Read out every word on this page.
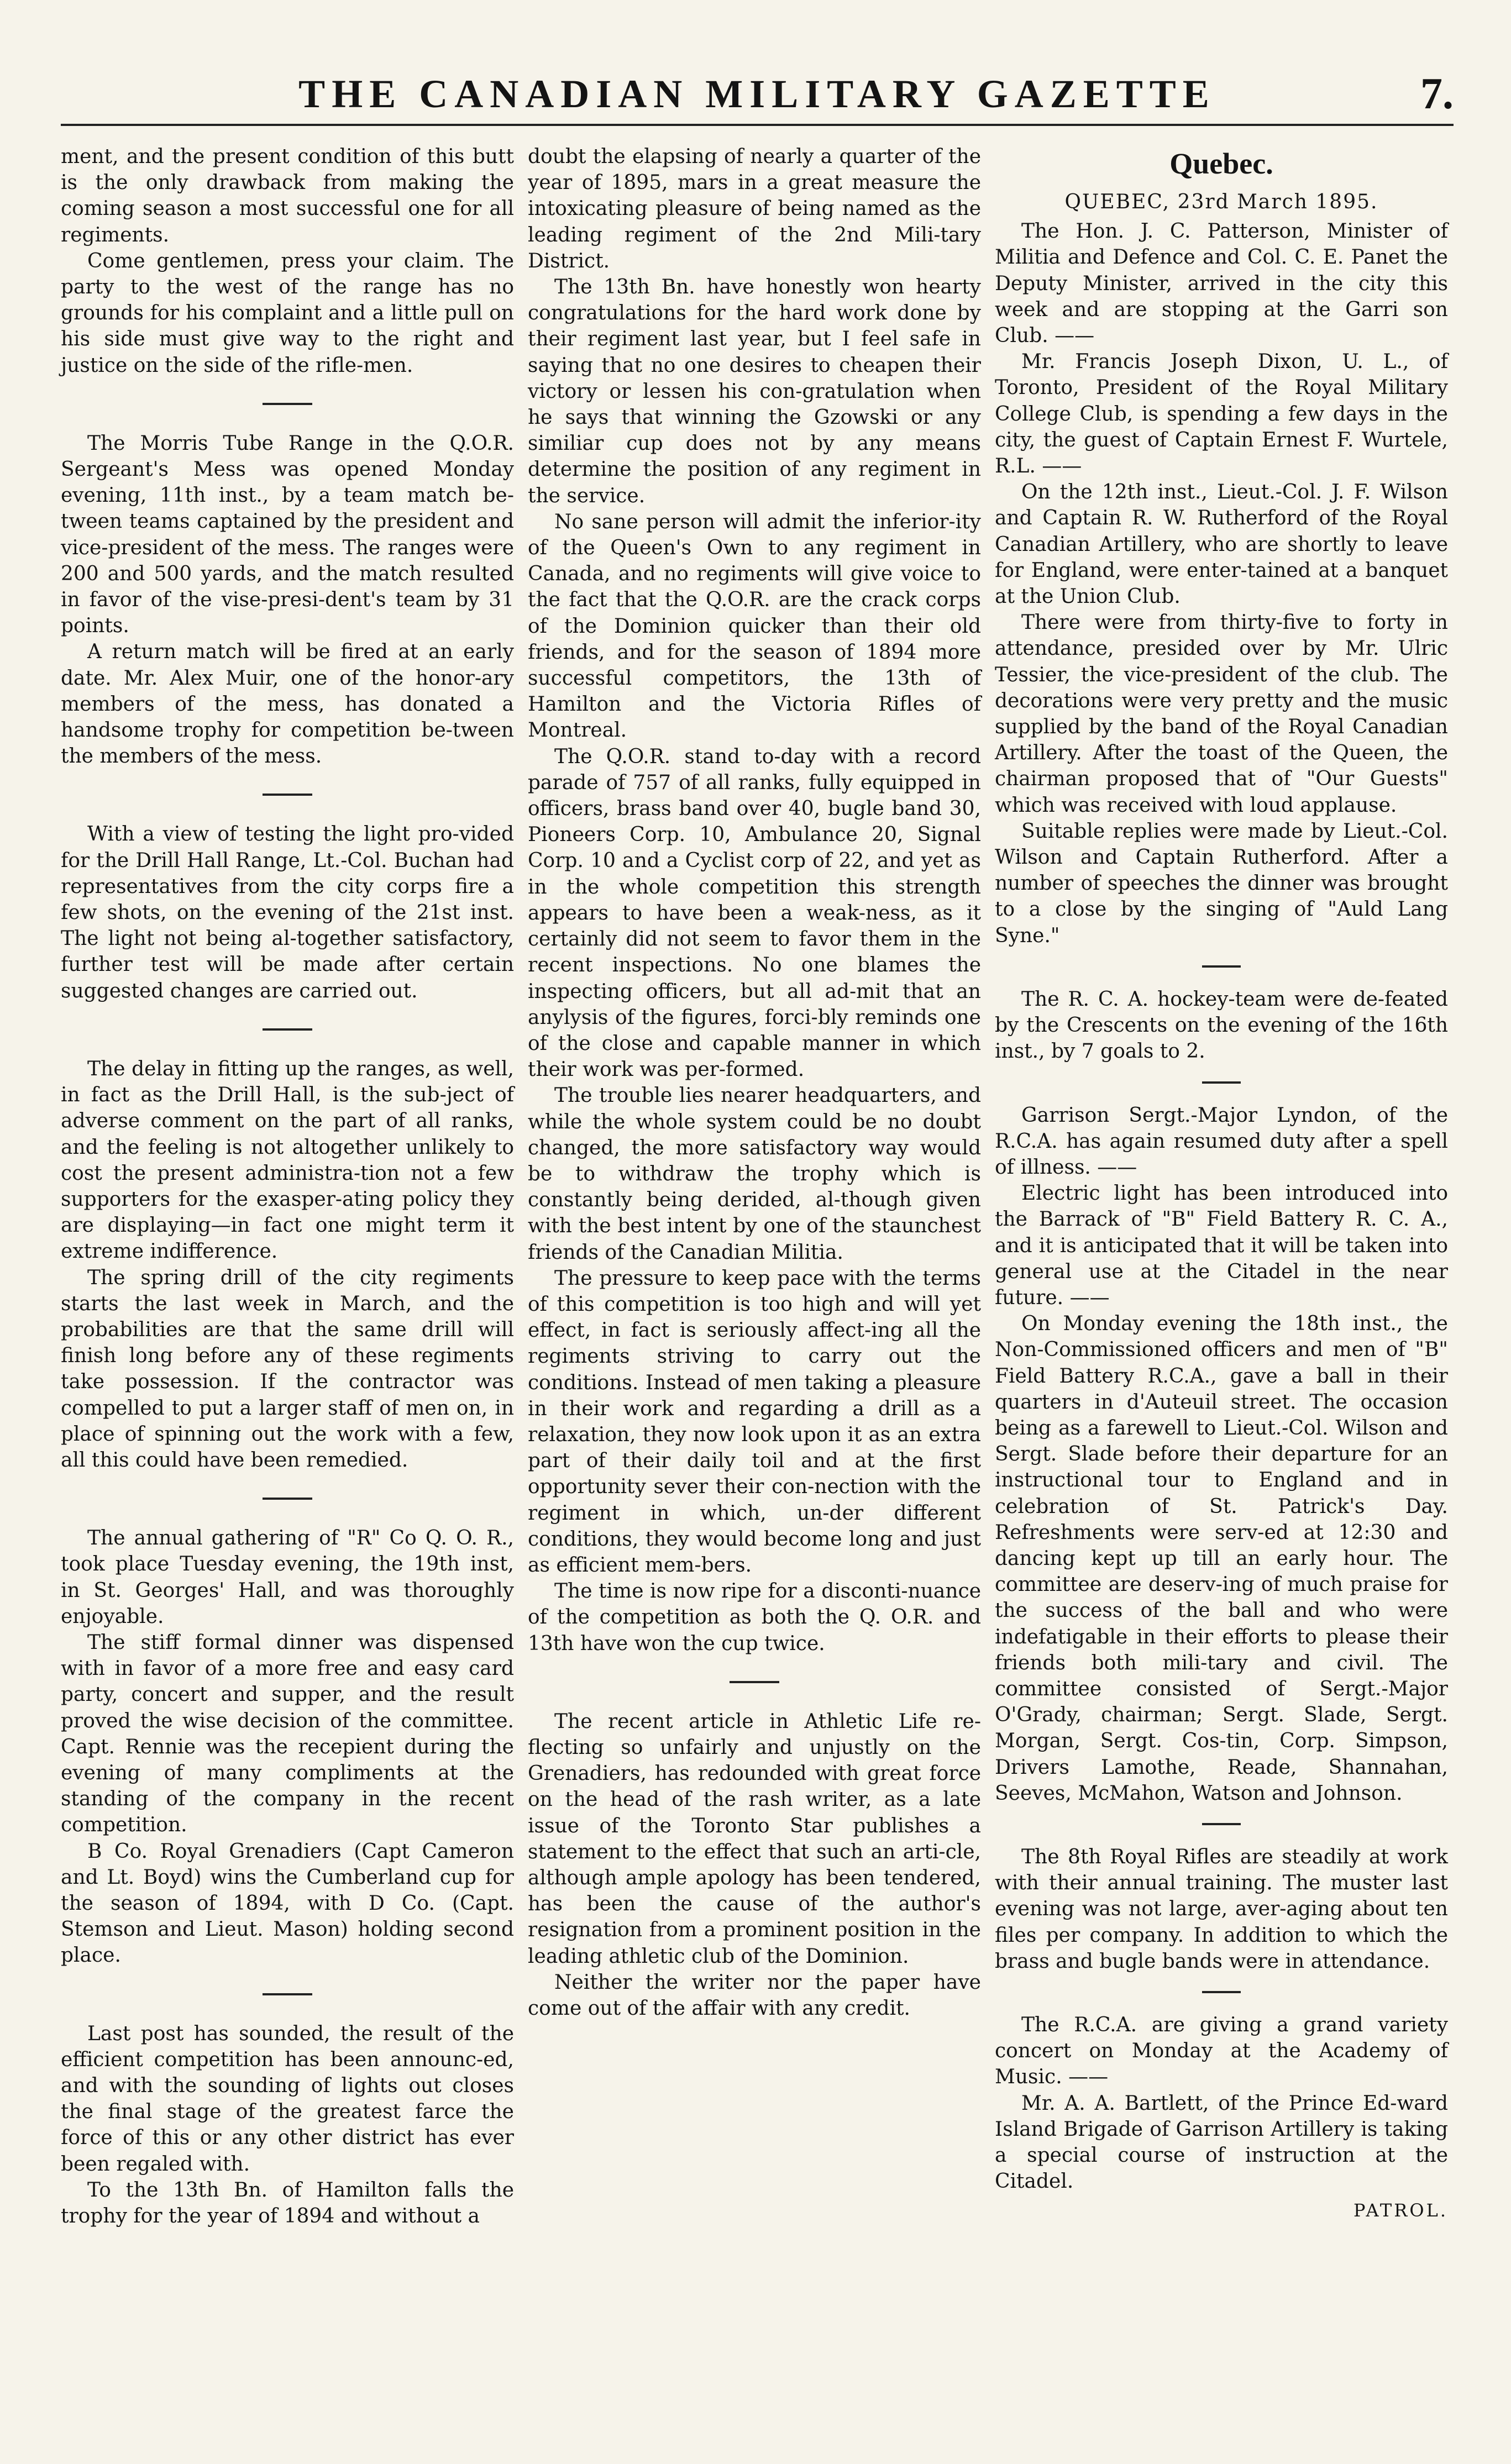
THE CANADIAN MILITARY GAZETTE	7.

ment, and the present condition of this butt is the only drawback from making the coming season a most successful one for all regiments.

Come gentlemen, press your claim. The party to the west of the range has no grounds for his complaint and a little pull on his side must give way to the right and justice on the side of the rifle-men.

The Morris Tube Range in the Q.O.R. Sergeant's Mess was opened Monday evening, 11th inst., by a team match be-tween teams captained by the president and vice-president of the mess. The ranges were 200 and 500 yards, and the match resulted in favor of the vise-presi-dent's team by 31 points.

A return match will be fired at an early date. Mr. Alex Muir, one of the honor-ary members of the mess, has donated a handsome trophy for competition be-tween the members of the mess.

With a view of testing the light pro-vided for the Drill Hall Range, Lt.-Col. Buchan had representatives from the city corps fire a few shots, on the evening of the 21st inst. The light not being al-together satisfactory, further test will be made after certain suggested changes are carried out.

The delay in fitting up the ranges, as well, in fact as the Drill Hall, is the sub-ject of adverse comment on the part of all ranks, and the feeling is not altogether unlikely to cost the present administra-tion not a few supporters for the exasper-ating policy they are displaying—in fact one might term it extreme indifference.

The spring drill of the city regiments starts the last week in March, and the probabilities are that the same drill will finish long before any of these regiments take possession. If the contractor was compelled to put a larger staff of men on, in place of spinning out the work with a few, all this could have been remedied.

The annual gathering of "R" Co Q. O. R., took place Tuesday evening, the 19th inst, in St. Georges' Hall, and was thoroughly enjoyable.

The stiff formal dinner was dispensed with in favor of a more free and easy card party, concert and supper, and the result proved the wise decision of the committee. Capt. Rennie was the recepient during the evening of many compliments at the standing of the company in the recent competition.

B Co. Royal Grenadiers (Capt Cameron and Lt. Boyd) wins the Cumberland cup for the season of 1894, with D Co. (Capt. Stemson and Lieut. Mason) holding second place.

Last post has sounded, the result of the efficient competition has been announc-ed, and with the sounding of lights out closes the final stage of the greatest farce the force of this or any other district has ever been regaled with.

To the 13th Bn. of Hamilton falls the trophy for the year of 1894 and without a

doubt the elapsing of nearly a quarter of the year of 1895, mars in a great measure the intoxicating pleasure of being named as the leading regiment of the 2nd Mili-tary District.

The 13th Bn. have honestly won hearty congratulations for the hard work done by their regiment last year, but I feel safe in saying that no one desires to cheapen their victory or lessen his con-gratulation when he says that winning the Gzowski or any similiar cup does not by any means determine the position of any regiment in the service.

No sane person will admit the inferior-ity of the Queen's Own to any regiment in Canada, and no regiments will give voice to the fact that the Q.O.R. are the crack corps of the Dominion quicker than their old friends, and for the season of 1894 more successful competitors, the 13th of Hamilton and the Victoria Rifles of Montreal.

The Q.O.R. stand to-day with a record parade of 757 of all ranks, fully equipped in officers, brass band over 40, bugle band 30, Pioneers Corp. 10, Ambulance 20, Signal Corp. 10 and a Cyclist corp of 22, and yet as in the whole competition this strength appears to have been a weak-ness, as it certainly did not seem to favor them in the recent inspections. No one blames the inspecting officers, but all ad-mit that an anylysis of the figures, forci-bly reminds one of the close and capable manner in which their work was per-formed.

The trouble lies nearer headquarters, and while the whole system could be no doubt changed, the more satisfactory way would be to withdraw the trophy which is constantly being derided, al-though given with the best intent by one of the staunchest friends of the Canadian Militia.

The pressure to keep pace with the terms of this competition is too high and will yet effect, in fact is seriously affect-ing all the regiments striving to carry out the conditions. Instead of men taking a pleasure in their work and regarding a drill as a relaxation, they now look upon it as an extra part of their daily toil and at the first opportunity sever their con-nection with the regiment in which, un-der different conditions, they would become long and just as efficient mem-bers.

The time is now ripe for a disconti-nuance of the competition as both the Q. O.R. and 13th have won the cup twice.

The recent article in Athletic Life re-flecting so unfairly and unjustly on the Grenadiers, has redounded with great force on the head of the rash writer, as a late issue of the Toronto Star publishes a statement to the effect that such an arti-cle, although ample apology has been tendered, has been the cause of the author's resignation from a prominent position in the leading athletic club of the Dominion.

Neither the writer nor the paper have come out of the affair with any credit.

Quebec.

QUEBEC, 23rd March 1895.

The Hon. J. C. Patterson, Minister of Militia and Defence and Col. C. E. Panet the Deputy Minister, arrived in the city this week and are stopping at the Garri son Club. ——

Mr. Francis Joseph Dixon, U. L., of Toronto, President of the Royal Military College Club, is spending a few days in the city, the guest of Captain Ernest F. Wurtele, R.L. ——

On the 12th inst., Lieut.-Col. J. F. Wilson and Captain R. W. Rutherford of the Royal Canadian Artillery, who are shortly to leave for England, were enter-tained at a banquet at the Union Club.

There were from thirty-five to forty in attendance, presided over by Mr. Ulric Tessier, the vice-president of the club. The decorations were very pretty and the music supplied by the band of the Royal Canadian Artillery. After the toast of the Queen, the chairman proposed that of "Our Guests" which was received with loud applause.

Suitable replies were made by Lieut.-Col. Wilson and Captain Rutherford. After a number of speeches the dinner was brought to a close by the singing of "Auld Lang Syne."

The R. C. A. hockey-team were de-feated by the Crescents on the evening of the 16th inst., by 7 goals to 2.

Garrison Sergt.-Major Lyndon, of the R.C.A. has again resumed duty after a spell of illness. ——

Electric light has been introduced into the Barrack of "B" Field Battery R. C. A., and it is anticipated that it will be taken into general use at the Citadel in the near future. ——

On Monday evening the 18th inst., the Non-Commissioned officers and men of "B" Field Battery R.C.A., gave a ball in their quarters in d'Auteuil street. The occasion being as a farewell to Lieut.-Col. Wilson and Sergt. Slade before their departure for an instructional tour to England and in celebration of St. Patrick's Day. Refreshments were serv-ed at 12:30 and dancing kept up till an early hour. The committee are deserv-ing of much praise for the success of the ball and who were indefatigable in their efforts to please their friends both mili-tary and civil. The committee consisted of Sergt.-Major O'Grady, chairman; Sergt. Slade, Sergt. Morgan, Sergt. Cos-tin, Corp. Simpson, Drivers Lamothe, Reade, Shannahan, Seeves, McMahon, Watson and Johnson.

The 8th Royal Rifles are steadily at work with their annual training. The muster last evening was not large, aver-aging about ten files per company. In addition to which the brass and bugle bands were in attendance.

The R.C.A. are giving a grand variety concert on Monday at the Academy of Music. ——

Mr. A. A. Bartlett, of the Prince Ed-ward Island Brigade of Garrison Artillery is taking a special course of instruction at the Citadel.

PATROL.
